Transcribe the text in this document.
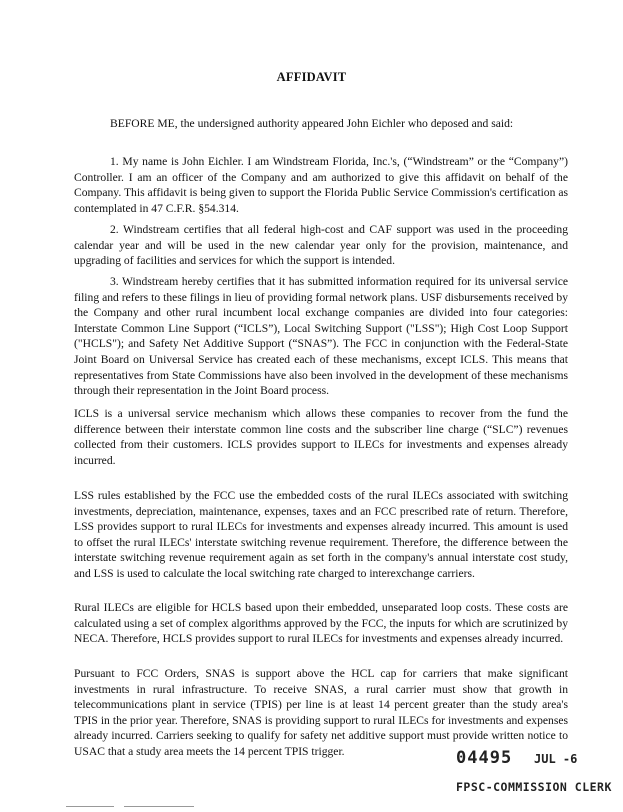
AFFIDAVIT
BEFORE ME, the undersigned authority appeared John Eichler who deposed and said:
1. My name is John Eichler. I am Windstream Florida, Inc.'s, (“Windstream” or the “Company”) Controller. I am an officer of the Company and am authorized to give this affidavit on behalf of the Company. This affidavit is being given to support the Florida Public Service Commission's certification as contemplated in 47 C.F.R. §54.314.
2. Windstream certifies that all federal high-cost and CAF support was used in the proceeding calendar year and will be used in the new calendar year only for the provision, maintenance, and upgrading of facilities and services for which the support is intended.
3. Windstream hereby certifies that it has submitted information required for its universal service filing and refers to these filings in lieu of providing formal network plans. USF disbursements received by the Company and other rural incumbent local exchange companies are divided into four categories: Interstate Common Line Support (“ICLS”), Local Switching Support ("LSS"); High Cost Loop Support ("HCLS"); and Safety Net Additive Support (“SNAS”). The FCC in conjunction with the Federal-State Joint Board on Universal Service has created each of these mechanisms, except ICLS. This means that representatives from State Commissions have also been involved in the development of these mechanisms through their representation in the Joint Board process.
ICLS is a universal service mechanism which allows these companies to recover from the fund the difference between their interstate common line costs and the subscriber line charge (“SLC”) revenues collected from their customers. ICLS provides support to ILECs for investments and expenses already incurred.
LSS rules established by the FCC use the embedded costs of the rural ILECs associated with switching investments, depreciation, maintenance, expenses, taxes and an FCC prescribed rate of return. Therefore, LSS provides support to rural ILECs for investments and expenses already incurred. This amount is used to offset the rural ILECs' interstate switching revenue requirement. Therefore, the difference between the interstate switching revenue requirement again as set forth in the company's annual interstate cost study, and LSS is used to calculate the local switching rate charged to interexchange carriers.
Rural ILECs are eligible for HCLS based upon their embedded, unseparated loop costs. These costs are calculated using a set of complex algorithms approved by the FCC, the inputs for which are scrutinized by NECA. Therefore, HCLS provides support to rural ILECs for investments and expenses already incurred.
Pursuant to FCC Orders, SNAS is support above the HCL cap for carriers that make significant investments in rural infrastructure. To receive SNAS, a rural carrier must show that growth in telecommunications plant in service (TPIS) per line is at least 14 percent greater than the study area's TPIS in the prior year. Therefore, SNAS is providing support to rural ILECs for investments and expenses already incurred. Carriers seeking to qualify for safety net additive support must provide written notice to USAC that a study area meets the 14 percent TPIS trigger.	04495 JUL -6
FPSC-COMMISSION CLERK
